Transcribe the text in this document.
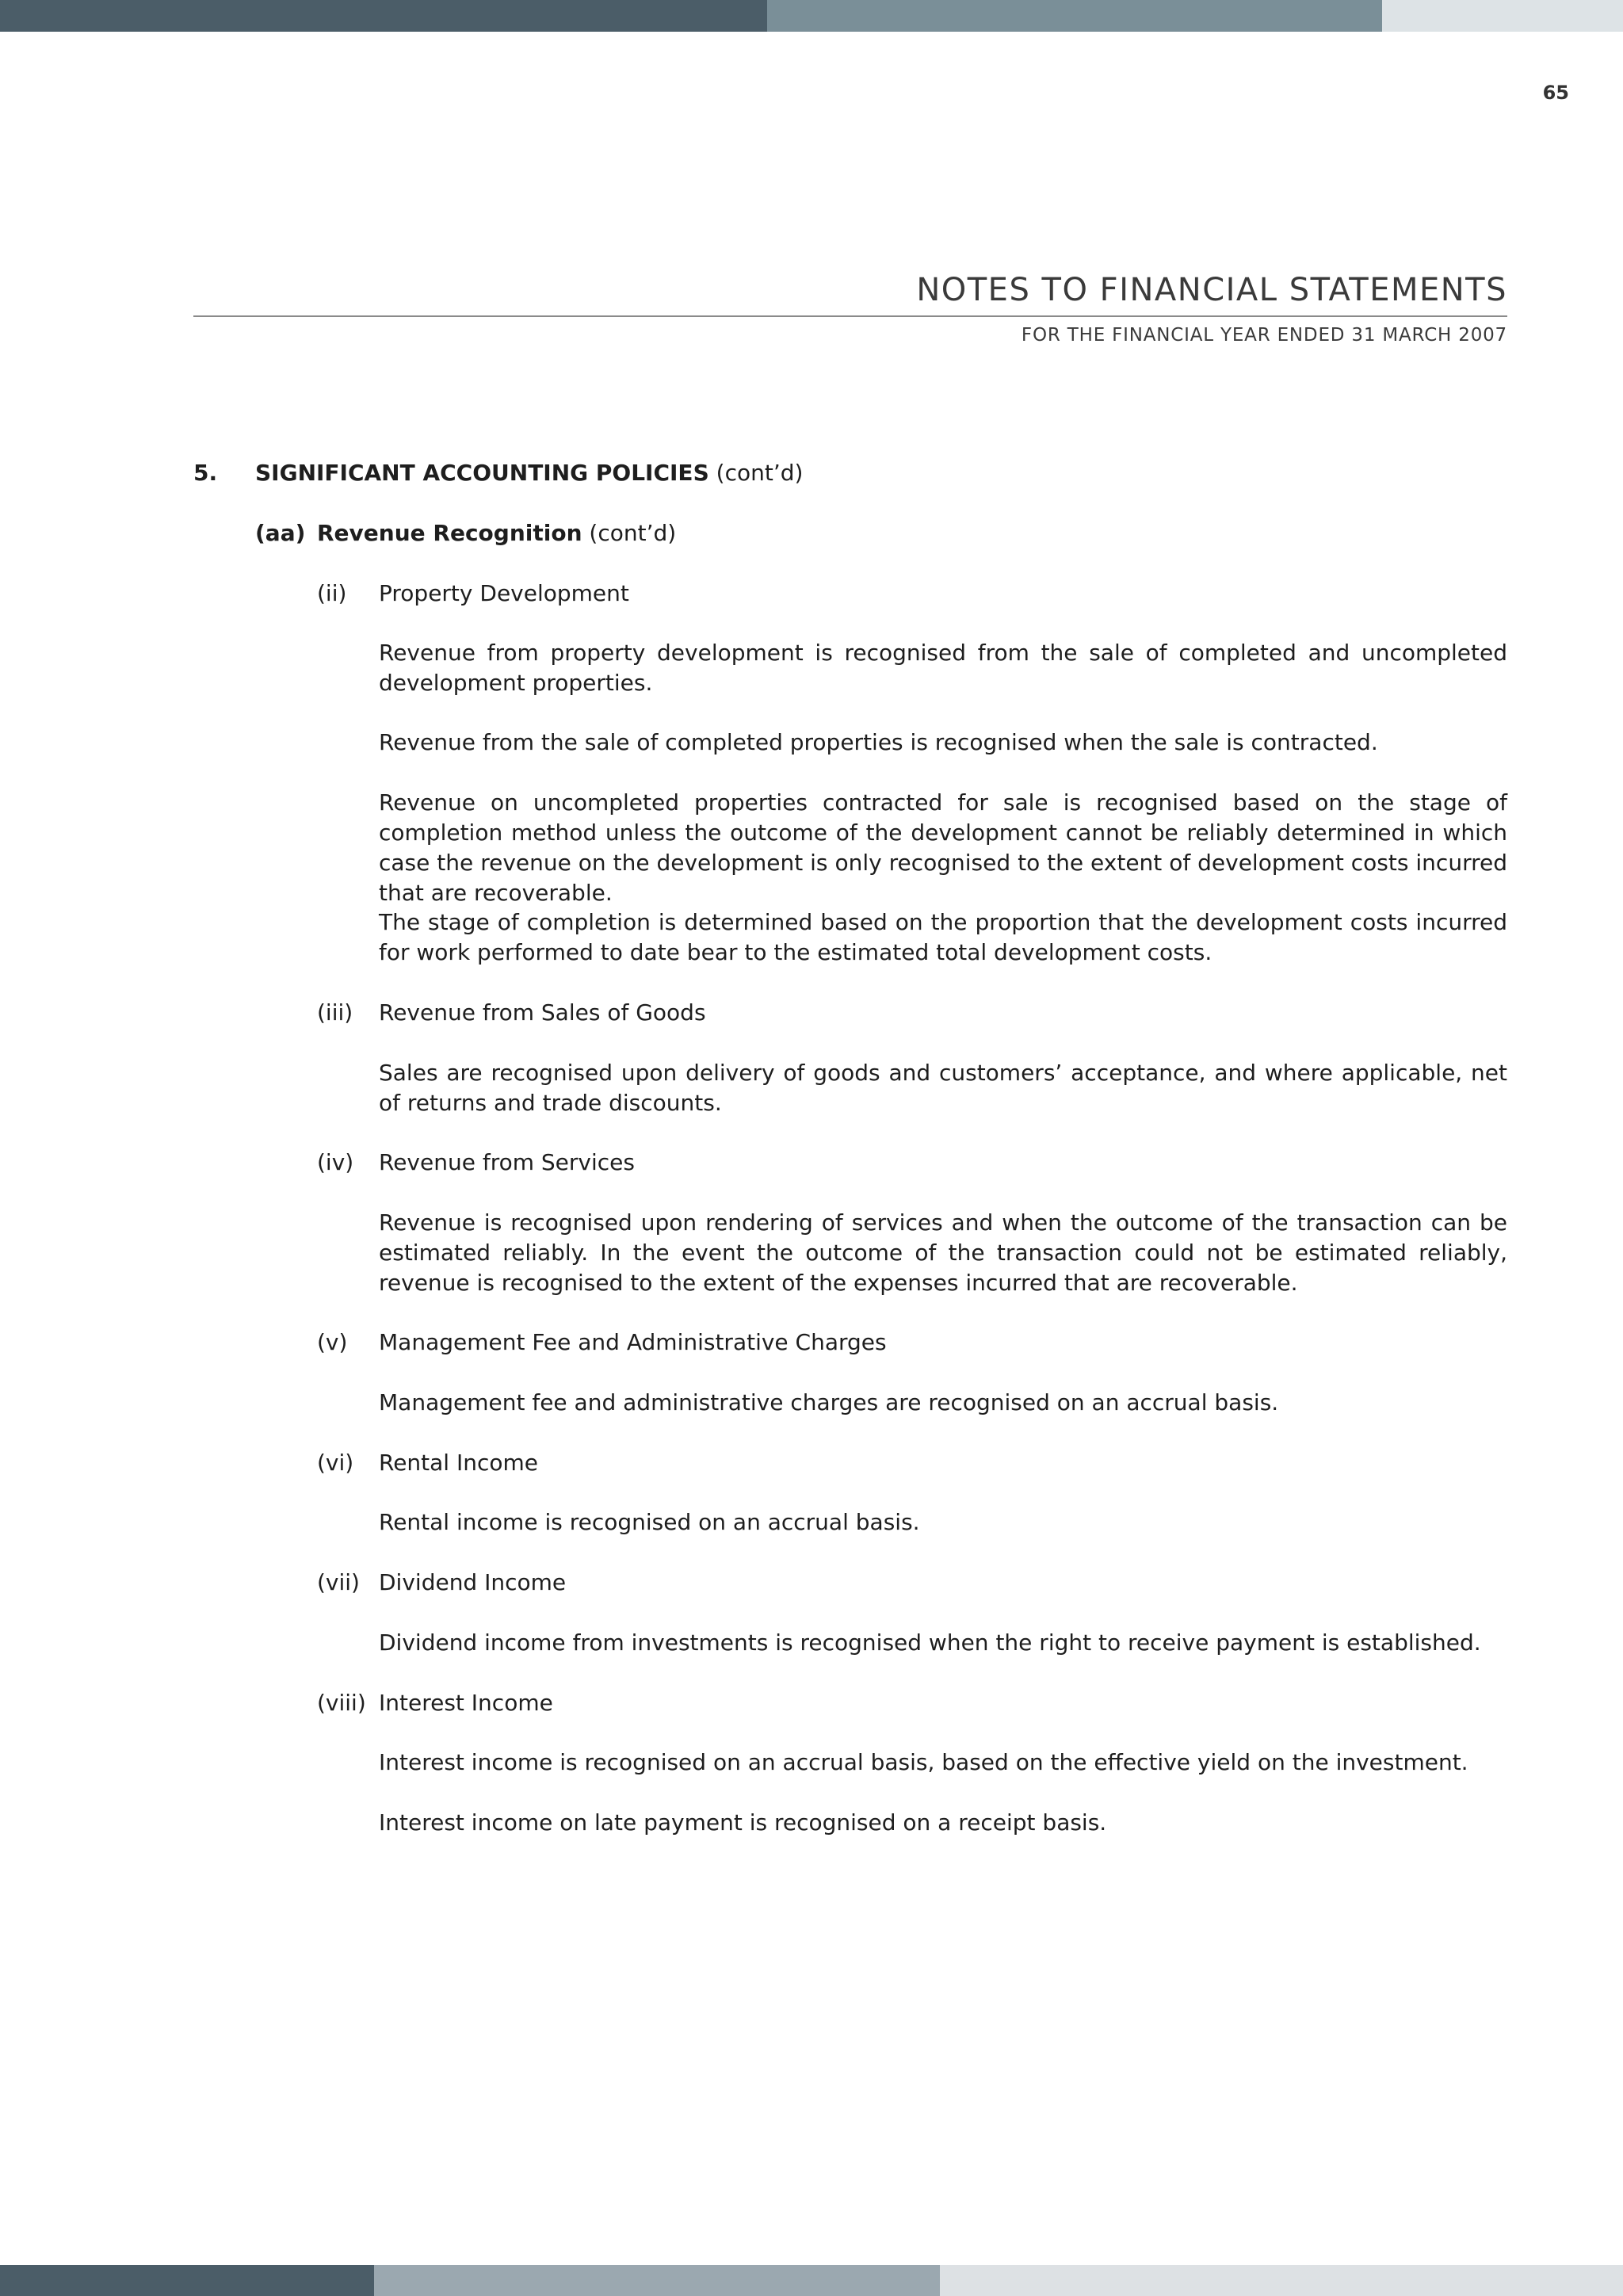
65
NOTES TO FINANCIAL STATEMENTS
FOR THE FINANCIAL YEAR ENDED 31 MARCH 2007
5. SIGNIFICANT ACCOUNTING POLICIES (cont’d)
(aa) Revenue Recognition (cont’d)
(ii) Property Development
Revenue from property development is recognised from the sale of completed and uncompleted development properties.
Revenue from the sale of completed properties is recognised when the sale is contracted.
Revenue on uncompleted properties contracted for sale is recognised based on the stage of completion method unless the outcome of the development cannot be reliably determined in which case the revenue on the development is only recognised to the extent of development costs incurred that are recoverable.
The stage of completion is determined based on the proportion that the development costs incurred for work performed to date bear to the estimated total development costs.
(iii) Revenue from Sales of Goods
Sales are recognised upon delivery of goods and customers’ acceptance, and where applicable, net of returns and trade discounts.
(iv) Revenue from Services
Revenue is recognised upon rendering of services and when the outcome of the transaction can be estimated reliably. In the event the outcome of the transaction could not be estimated reliably, revenue is recognised to the extent of the expenses incurred that are recoverable.
(v) Management Fee and Administrative Charges
Management fee and administrative charges are recognised on an accrual basis.
(vi) Rental Income
Rental income is recognised on an accrual basis.
(vii) Dividend Income
Dividend income from investments is recognised when the right to receive payment is established.
(viii) Interest Income
Interest income is recognised on an accrual basis, based on the effective yield on the investment.
Interest income on late payment is recognised on a receipt basis.
